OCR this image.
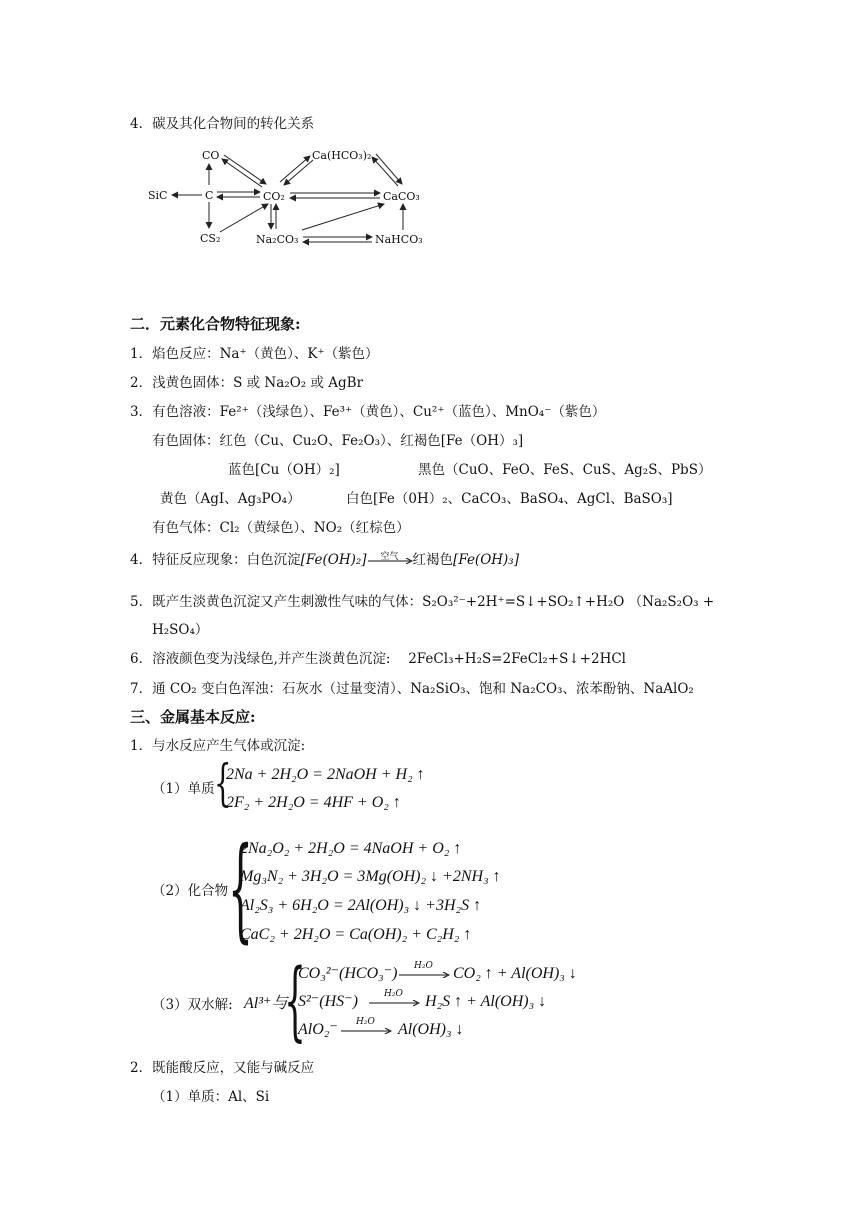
4．碳及其化合物间的转化关系
CO	Ca(HCO₃)₂
SiC	C	CO₂	CaCO₃
CS₂	Na₂CO₃	NaHCO₃
二．元素化合物特征现象:
1．焰色反应：Na⁺（黄色）、K⁺（紫色）
2．浅黄色固体：S 或 Na₂O₂ 或 AgBr
3．有色溶液：Fe²⁺（浅绿色）、Fe³⁺（黄色）、Cu²⁺（蓝色）、MnO₄⁻（紫色）
有色固体：红色（Cu、Cu₂O、Fe₂O₃）、红褐色[Fe（OH）₃]
蓝色[Cu（OH）₂]	黑色（CuO、FeO、FeS、CuS、Ag₂S、PbS）
黄色（AgI、Ag₃PO₄）	白色[Fe（0H）₂、CaCO₃、BaSO₄、AgCl、BaSO₃]
有色气体：Cl₂（黄绿色）、NO₂（红棕色）
4．特征反应现象：白色沉淀[Fe(OH)₂] 空气 红褐色[Fe(OH)₃]
5．既产生淡黄色沉淀又产生刺激性气味的气体：S₂O₃²⁻+2H⁺=S↓+SO₂↑+H₂O （Na₂S₂O₃ +
H₂SO₄）
6．溶液颜色变为浅绿色,并产生淡黄色沉淀:　 2FeCl₃+H₂S=2FeCl₂+S↓+2HCl
7．通 CO₂ 变白色浑浊：石灰水（过量变清）、Na₂SiO₃、饱和 Na₂CO₃、浓苯酚钠、NaAlO₂
三、金属基本反应:
1．与水反应产生气体或沉淀:
（1）单质 {
2Na + 2H₂O = 2NaOH + H₂ ↑
2F₂ + 2H₂O = 4HF + O₂ ↑
（2）化合物 {
2Na₂O₂ + 2H₂O = 4NaOH + O₂ ↑
Mg₃N₂ + 3H₂O = 3Mg(OH)₂ ↓ +2NH₃ ↑
Al₂S₃ + 6H₂O = 2Al(OH)₃ ↓ +3H₂S ↑
CaC₂ + 2H₂O = Ca(OH)₂ + C₂H₂ ↑
（3）双水解: Al³⁺与
{
CO₃²⁻(HCO₃⁻) H₂O CO₂ ↑ + Al(OH)₃ ↓
S²⁻(HS⁻)	H₂O H₂S ↑ + Al(OH)₃ ↓
AlO₂⁻ H₂O Al(OH)₃ ↓
2．既能酸反应，又能与碱反应
（1）单质：Al、Si
